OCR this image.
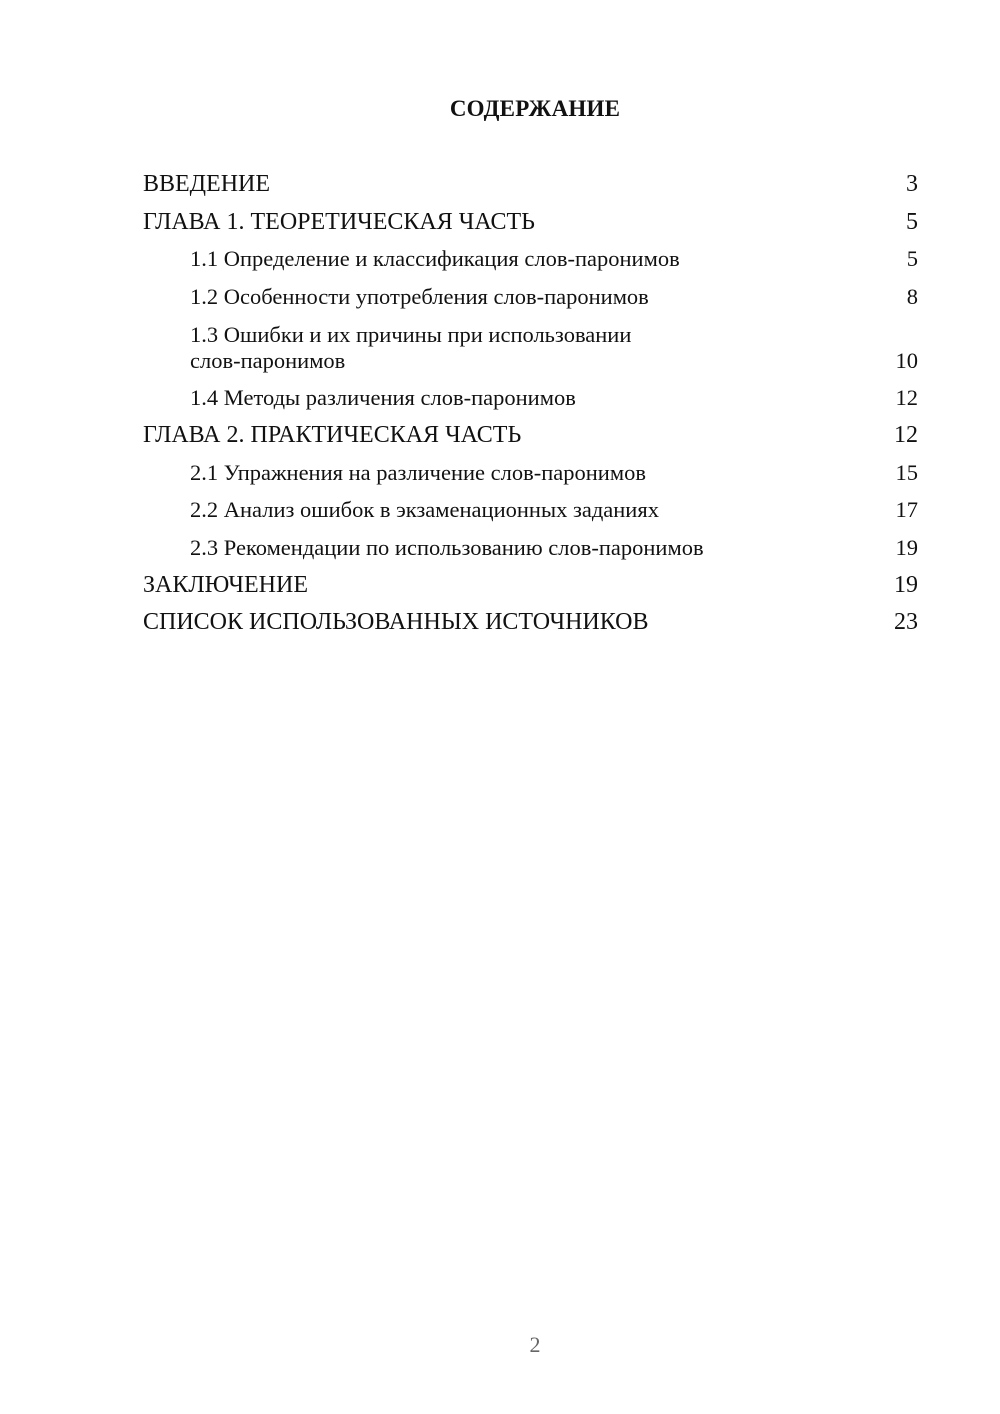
СОДЕРЖАНИЕ
ВВЕДЕНИЕ	3
ГЛАВА 1. ТЕОРЕТИЧЕСКАЯ ЧАСТЬ	5
1.1 Определение и классификация слов-паронимов	5
1.2 Особенности употребления слов-паронимов	8
1.3 Ошибки и их причины при использовании
слов-паронимов	10
1.4 Методы различения слов-паронимов	12
ГЛАВА 2. ПРАКТИЧЕСКАЯ ЧАСТЬ	12
2.1 Упражнения на различение слов-паронимов	15
2.2 Анализ ошибок в экзаменационных заданиях	17
2.3 Рекомендации по использованию слов-паронимов	19
ЗАКЛЮЧЕНИЕ	19
СПИСОК ИСПОЛЬЗОВАННЫХ ИСТОЧНИКОВ	23
2
